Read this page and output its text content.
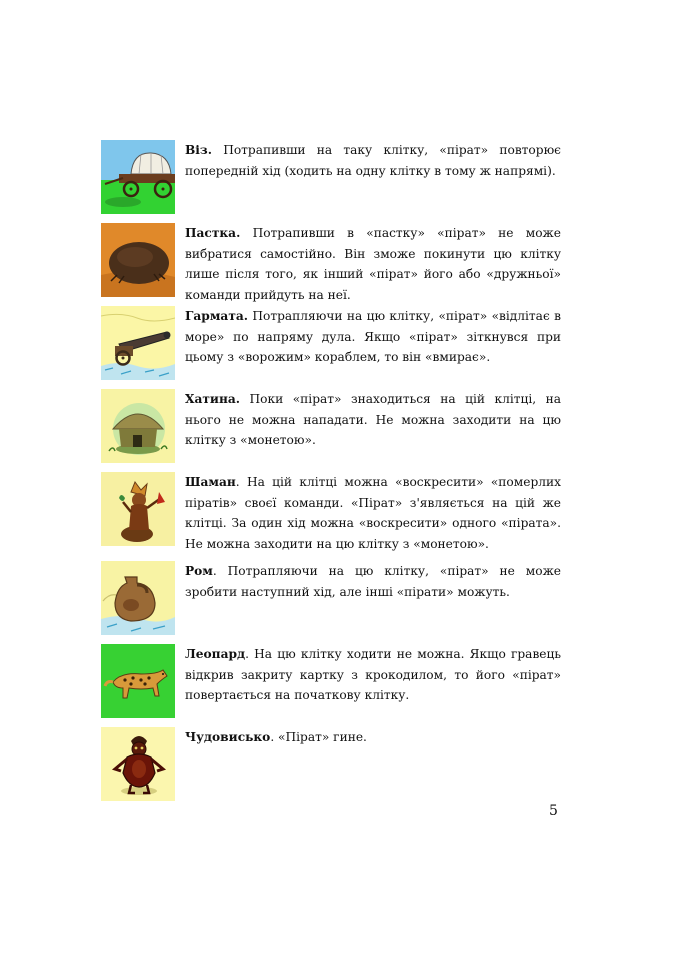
Віз. Потрапивши на таку клітку, «пірат» повторює попередній хід (ходить на одну клітку в тому ж напрямі).
Пастка. Потрапивши в «пастку» «пірат» не може вибратися самостійно. Він зможе покинути цю клітку лише після того, як інший «пірат» його або «дружньої» команди прийдуть на неї.
Гармата. Потрапляючи на цю клітку, «пірат» «відлітає в море» по напряму дула. Якщо «пірат» зіткнувся при цьому з «ворожим» кораблем, то він «вмирає».
Хатина. Поки «пірат» знаходиться на цій клітці, на нього не можна нападати. Не можна заходити на цю клітку з «монетою».
Шаман. На цій клітці можна «воскресити» «померлих піратів» своєї команди. «Пірат» з'являється на цій же клітці. За один хід можна «воскресити» одного «пірата». Не можна заходити на цю клітку з «монетою».
Ром. Потрапляючи на цю клітку, «пірат» не може зробити наступний хід, але інші «пірати» можуть.
Леопард. На цю клітку ходити не можна. Якщо гравець відкрив закриту картку з крокодилом, то його «пірат» повертається на початкову клітку.
Чудовисько. «Пірат» гине.
5
